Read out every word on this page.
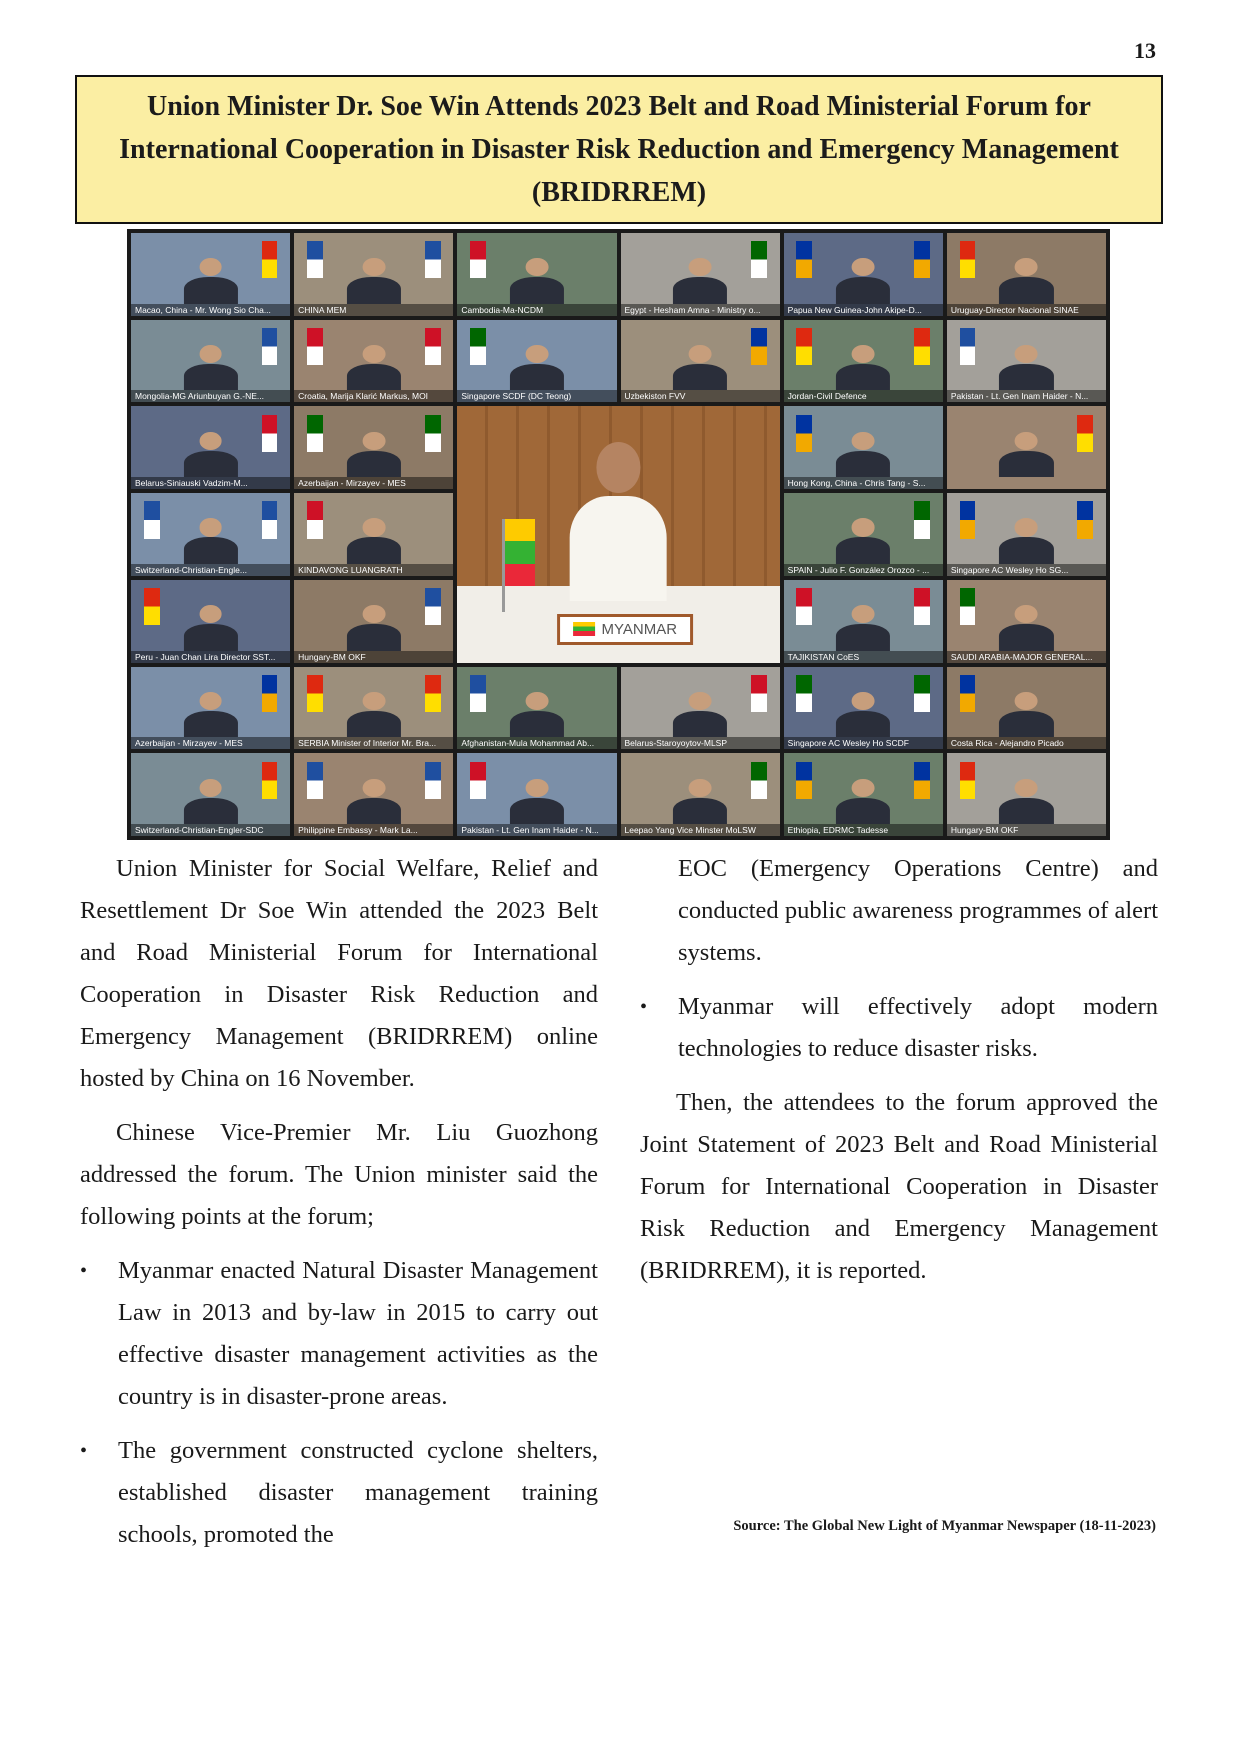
13
Union Minister Dr. Soe Win Attends 2023 Belt and Road Ministerial Forum for International Cooperation in Disaster Risk Reduction and Emergency Management (BRIDRREM)
Macao, China - Mr. Wong Sio Cha...	CHINA MEM	Cambodia-Ma-NCDM	Egypt - Hesham Amna - Ministry o...	Papua New Guinea-John Akipe-D...	Uruguay-Director Nacional SINAE
Mongolia-MG Ariunbuyan G.-NE...	Croatia, Marija Klarić Markus, MOI	Singapore SCDF (DC Teong)	Uzbekiston FVV	Jordan-Civil Defence	Pakistan - Lt. Gen Inam Haider - N...
Belarus-Siniauski Vadzim-M...	Azerbaijan - Mirzayev - MES	Hong Kong, China - Chris Tang - S...
Switzerland-Christian-Engle...	KINDAVONG LUANGRATH	SPAIN - Julio F. González Orozco - ...	Singapore AC Wesley Ho SG...
Peru - Juan Chan Lira Director SST...	Hungary-BM OKF	TAJIKISTAN CoES	SAUDI ARABIA-MAJOR GENERAL...
Azerbaijan - Mirzayev - MES	SERBIA Minister of Interior Mr. Bra...	Afghanistan-Mula Mohammad Ab...	Belarus-Staroyoytov-MLSP	Singapore AC Wesley Ho SCDF	Costa Rica - Alejandro Picado
Switzerland-Christian-Engler-SDC	Philippine Embassy - Mark La...	Pakistan - Lt. Gen Inam Haider - N...	Leepao Yang Vice Minster MoLSW	Ethiopia, EDRMC Tadesse	Hungary-BM OKF
MYANMAR

Union Minister for Social Welfare, Relief and Resettlement Dr Soe Win attended the 2023 Belt and Road Ministerial Forum for International Cooperation in Disaster Risk Reduction and Emergency Management (BRIDRREM) online hosted by China on 16 November.

Chinese Vice-Premier Mr. Liu Guozhong addressed the forum. The Union minister said the following points at the forum;

• Myanmar enacted Natural Disaster Management Law in 2013 and by-law in 2015 to carry out effective disaster management activities as the country is in disaster-prone areas.
• The government constructed cyclone shelters, established disaster management training schools, promoted the
EOC (Emergency Operations Centre) and conducted public awareness programmes of alert systems.
• Myanmar will effectively adopt modern technologies to reduce disaster risks.

Then, the attendees to the forum approved the Joint Statement of 2023 Belt and Road Ministerial Forum for International Cooperation in Disaster Risk Reduction and Emergency Management (BRIDRREM), it is reported.

Source: The Global New Light of Myanmar Newspaper (18-11-2023)
